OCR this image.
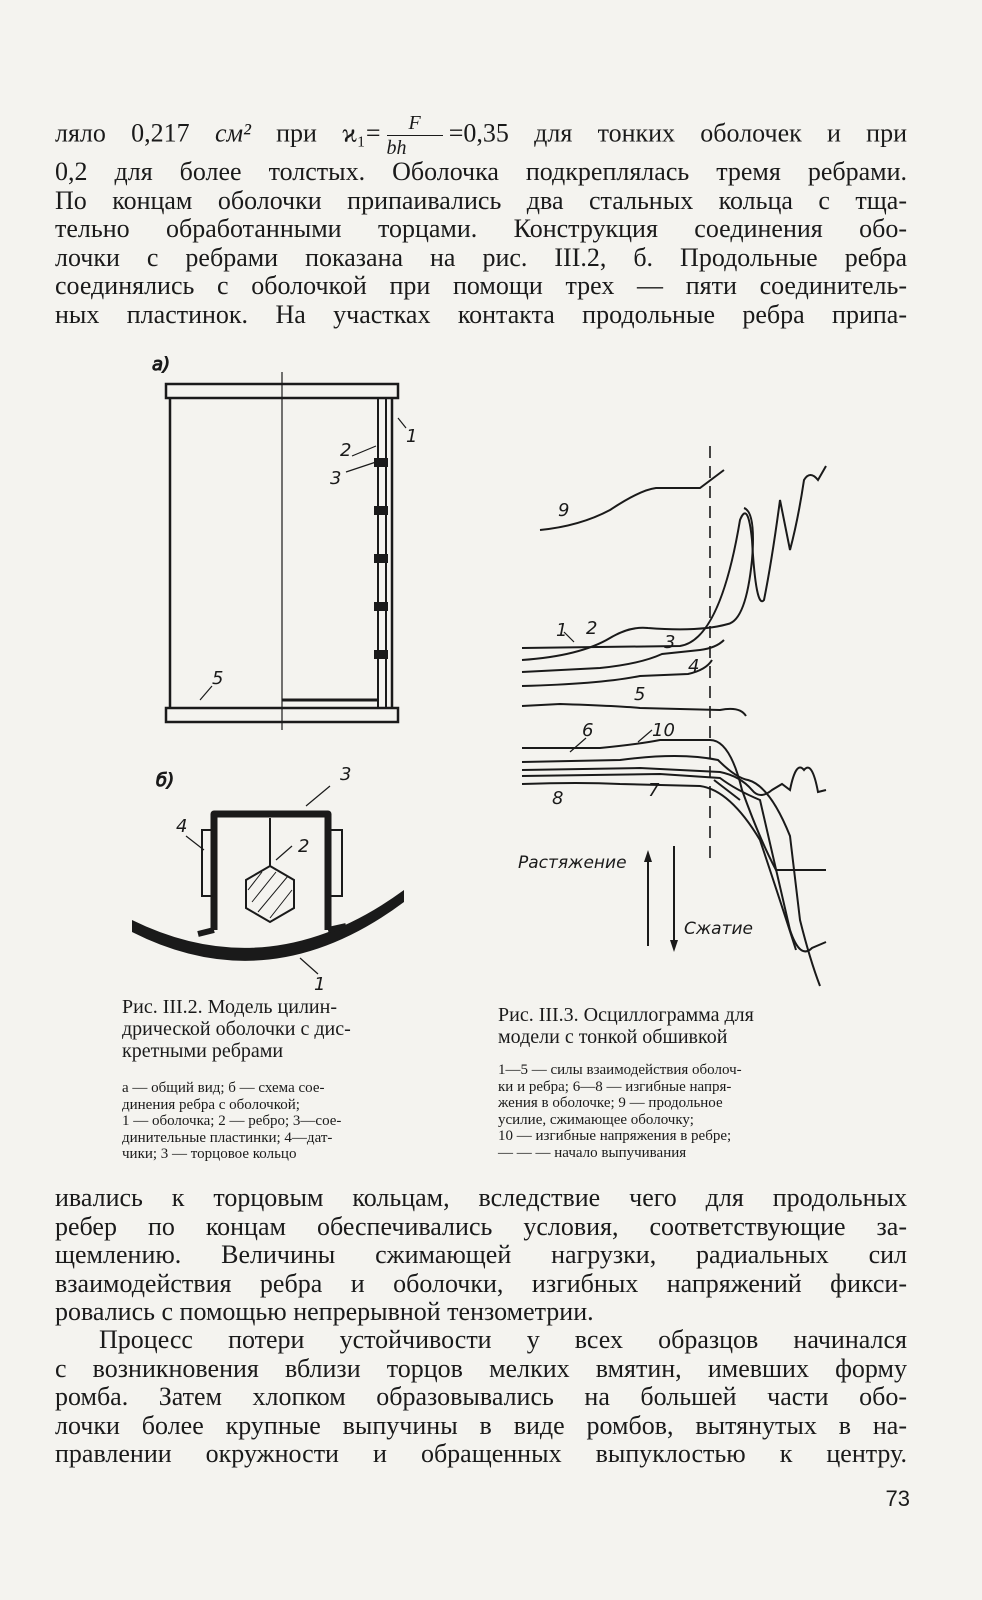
ляло 0,217 см² при $ϰ_1= \frac{F}{bh} =0,35$ для тонких оболочек и при
0,2 для более толстых. Оболочка подкреплялась тремя ребрами.
По концам оболочки припаивались два стальных кольца с тща-
тельно обработанными торцами. Конструкция соединения обо-
лочки с ребрами показана на рис. III.2, б. Продольные ребра
соединялись с оболочкой при помощи трех — пяти соединитель-
ных пластинок. На участках контакта продольные ребра припа-
а)
1
2
3
5
б)
4
3
2
1
9
1 2
3
4
5
6	10
8	7
Растяжение
Сжатие
Рис. III.2. Модель цилин-
дрической оболочки с дис-
кретными ребрами
а — общий вид; б — схема сое-
динения ребра с оболочкой;
1 — оболочка; 2 — ребро; 3—сое-
динительные пластинки; 4—дат-
чики; 3 — торцовое кольцо
Рис. III.3. Осциллограмма для
модели с тонкой обшивкой
1—5 — силы взаимодействия оболоч-
ки и ребра; 6—8 — изгибные напря-
жения в оболочке; 9 — продольное
усилие, сжимающее оболочку;
10 — изгибные напряжения в ребре;
— — — начало выпучивания
ивались к торцовым кольцам, вследствие чего для продольных
ребер по концам обеспечивались условия, соответствующие за-
щемлению. Величины сжимающей нагрузки, радиальных сил
взаимодействия ребра и оболочки, изгибных напряжений фикси-
ровались с помощью непрерывной тензометрии.
Процесс потери устойчивости у всех образцов начинался
с возникновения вблизи торцов мелких вмятин, имевших форму
ромба. Затем хлопком образовывались на большей части обо-
лочки более крупные выпучины в виде ромбов, вытянутых в на-
правлении окружности и обращенных выпуклостью к центру.
73
